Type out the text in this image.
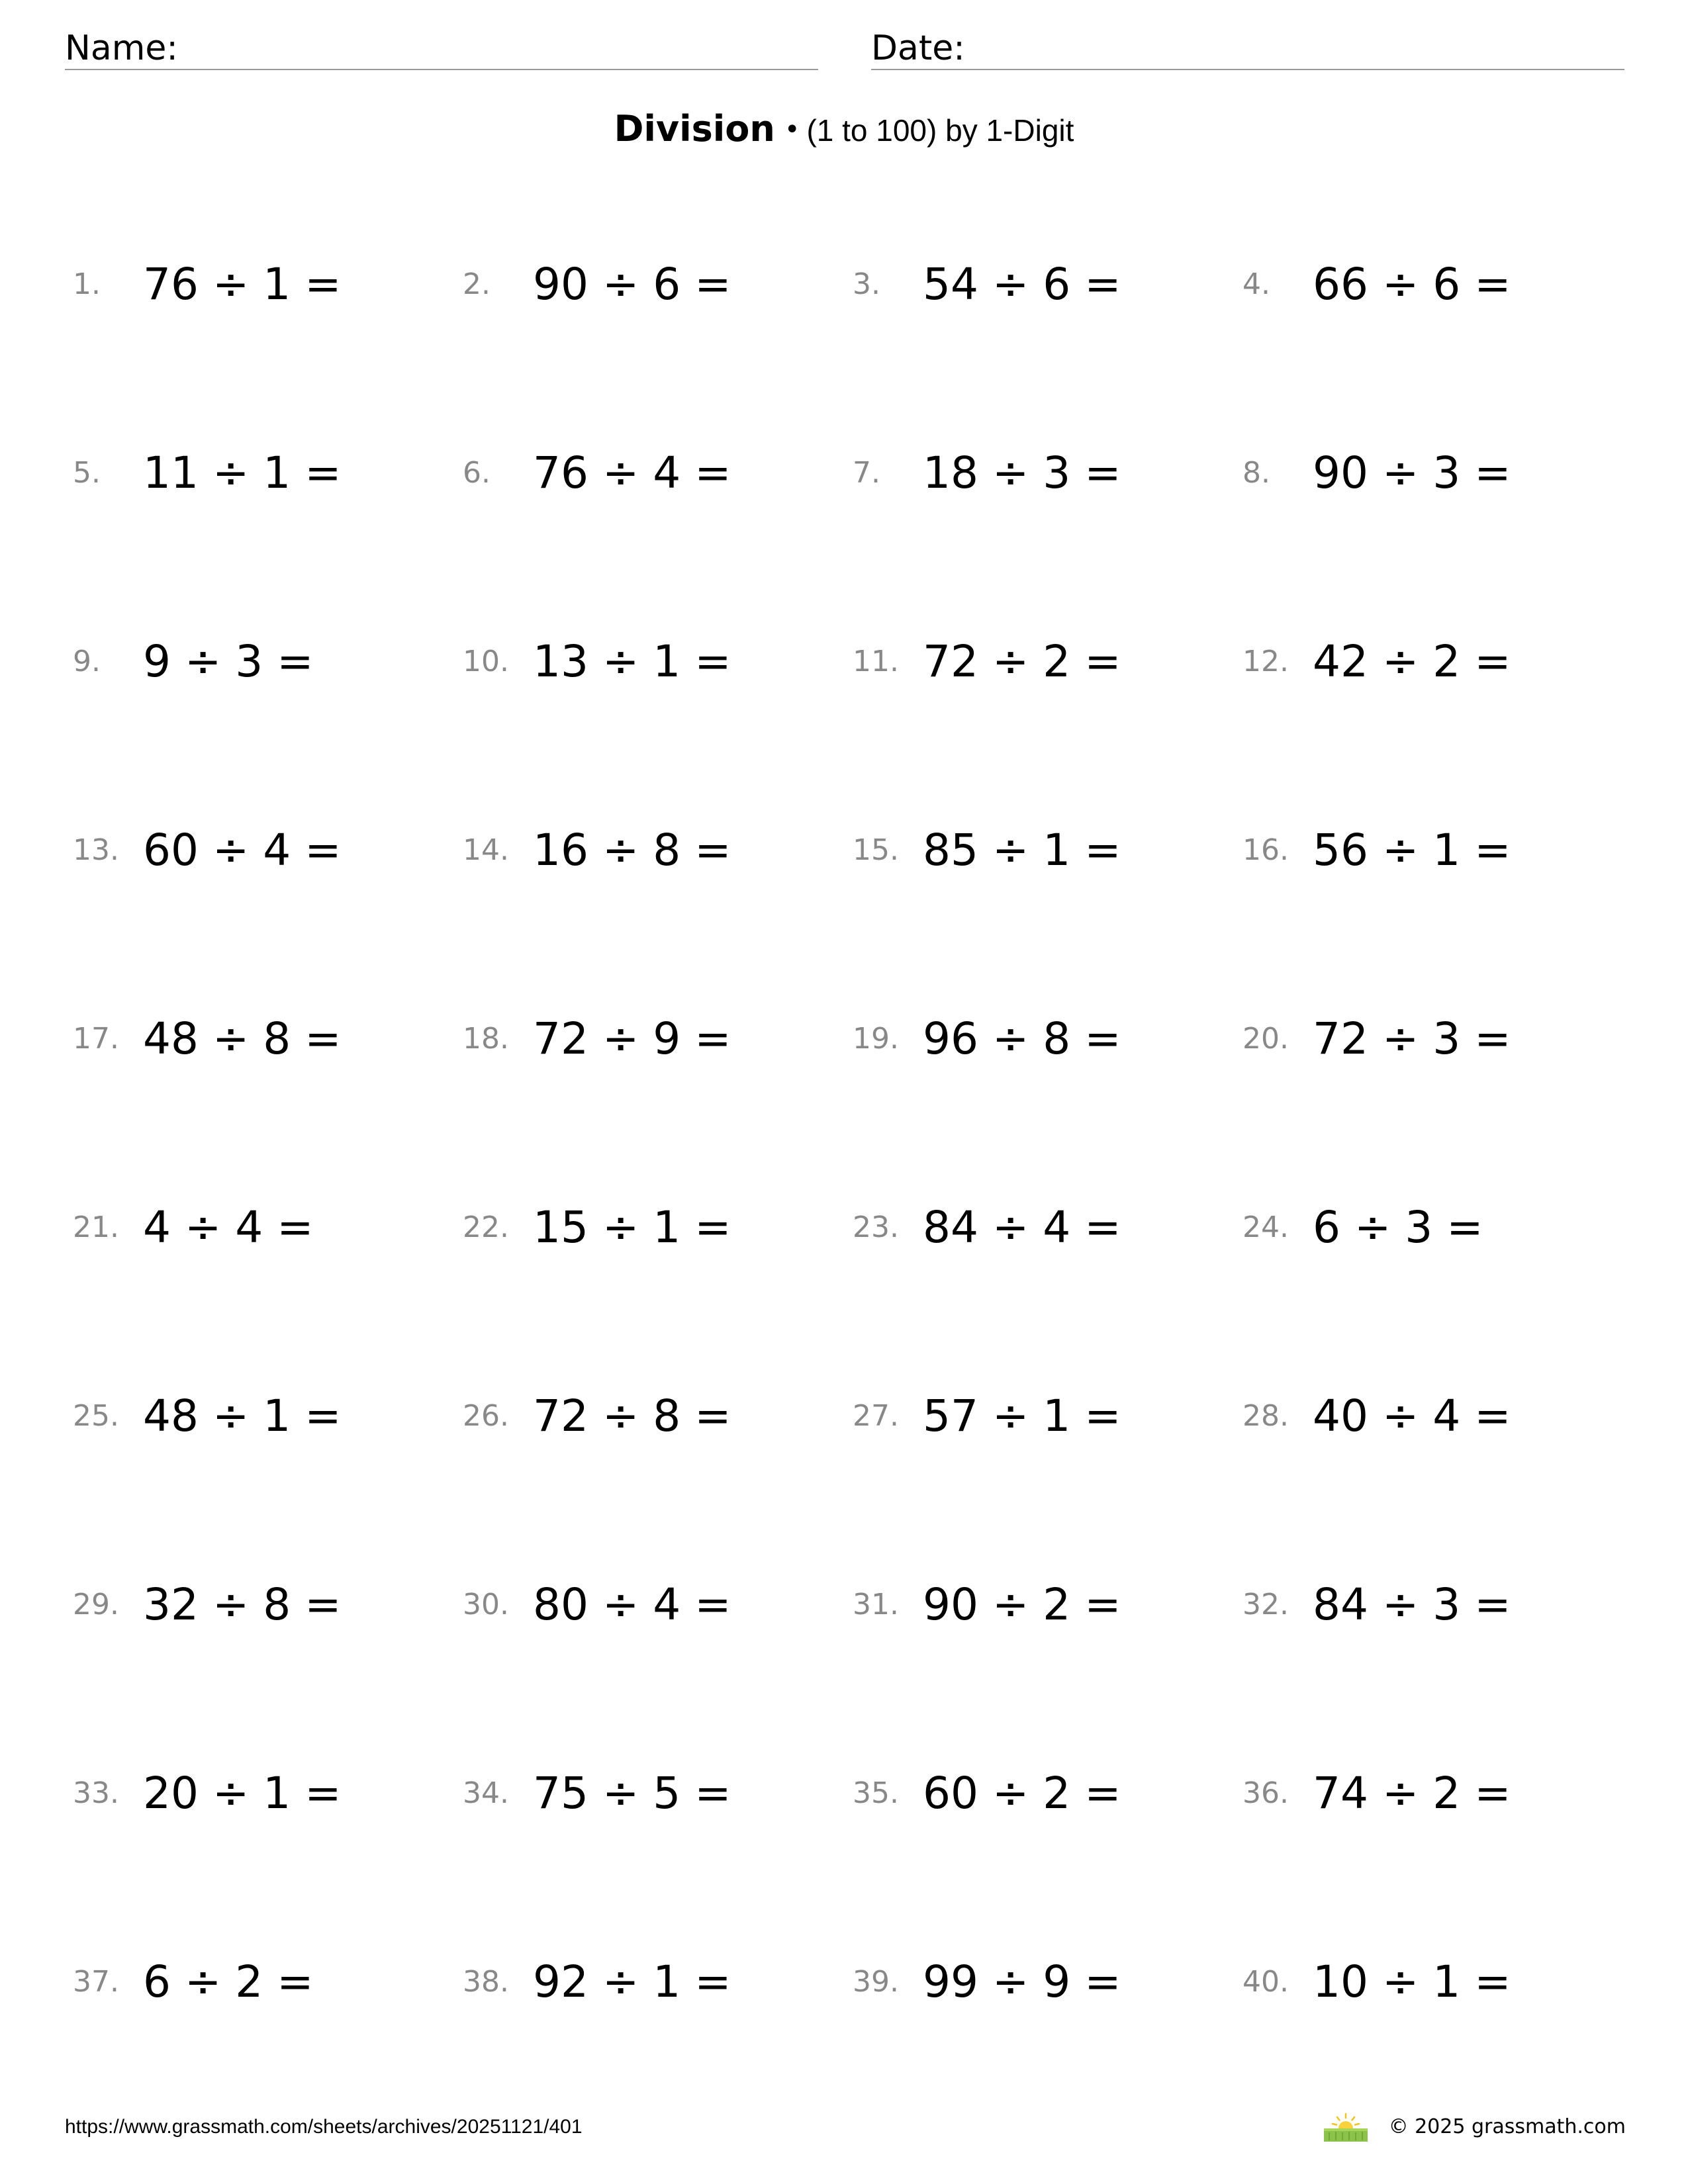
Name:	Date:
Division • (1 to 100) by 1-Digit
1. 76 ÷ 1 =	2. 90 ÷ 6 =	3. 54 ÷ 6 =	4. 66 ÷ 6 =
5. 11 ÷ 1 =	6. 76 ÷ 4 =	7. 18 ÷ 3 =	8. 90 ÷ 3 =
9. 9 ÷ 3 =	10. 13 ÷ 1 =	11. 72 ÷ 2 =	12. 42 ÷ 2 =
13. 60 ÷ 4 =	14. 16 ÷ 8 =	15. 85 ÷ 1 =	16. 56 ÷ 1 =
17. 48 ÷ 8 =	18. 72 ÷ 9 =	19. 96 ÷ 8 =	20. 72 ÷ 3 =
21. 4 ÷ 4 =	22. 15 ÷ 1 =	23. 84 ÷ 4 =	24. 6 ÷ 3 =
25. 48 ÷ 1 =	26. 72 ÷ 8 =	27. 57 ÷ 1 =	28. 40 ÷ 4 =
29. 32 ÷ 8 =	30. 80 ÷ 4 =	31. 90 ÷ 2 =	32. 84 ÷ 3 =
33. 20 ÷ 1 =	34. 75 ÷ 5 =	35. 60 ÷ 2 =	36. 74 ÷ 2 =
37. 6 ÷ 2 =	38. 92 ÷ 1 =	39. 99 ÷ 9 =	40. 10 ÷ 1 =
https://www.grassmath.com/sheets/archives/20251121/401	© 2025 grassmath.com
